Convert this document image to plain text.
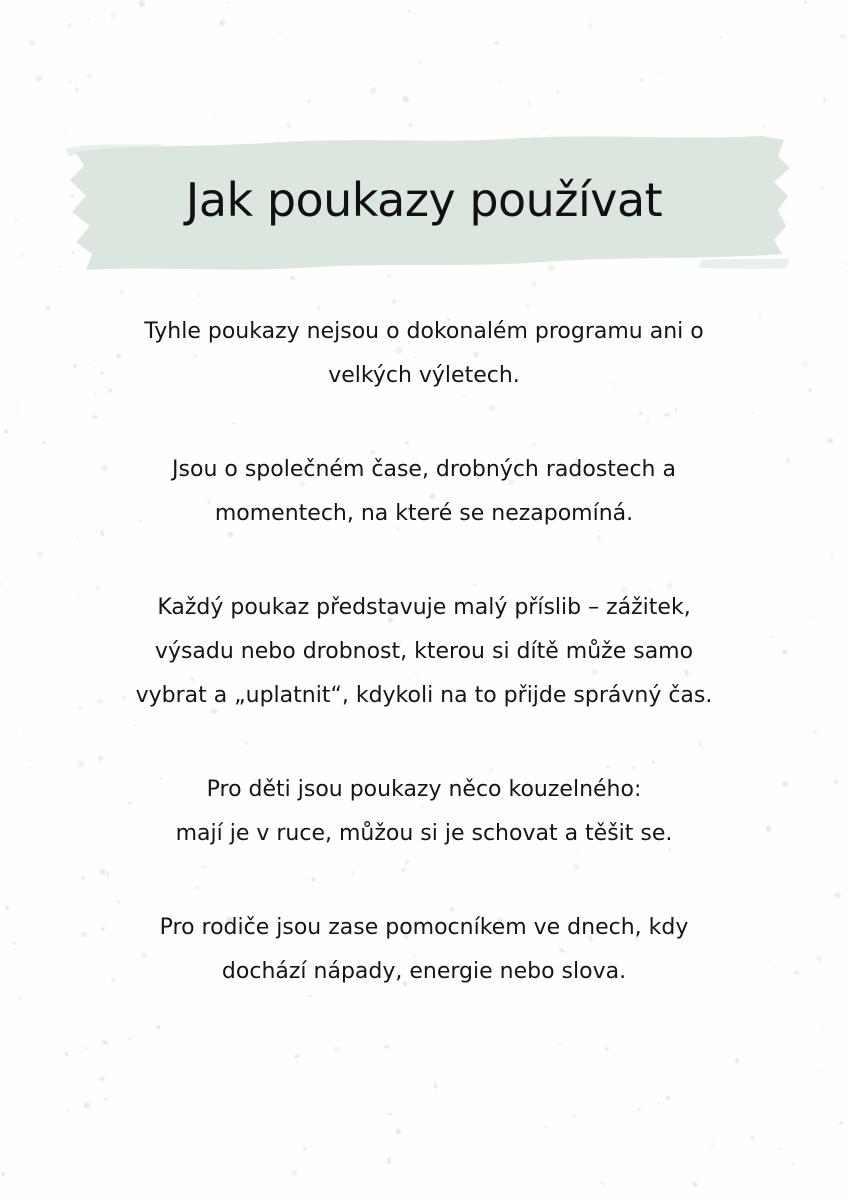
Jak poukazy používat

Tyhle poukazy nejsou o dokonalém programu ani o
velkých výletech.

Jsou o společném čase, drobných radostech a
momentech, na které se nezapomíná.

Každý poukaz představuje malý příslib – zážitek,
výsadu nebo drobnost, kterou si dítě může samo
vybrat a „uplatnit“, kdykoli na to přijde správný čas.

Pro děti jsou poukazy něco kouzelného:
mají je v ruce, můžou si je schovat a těšit se.

Pro rodiče jsou zase pomocníkem ve dnech, kdy
dochází nápady, energie nebo slova.
